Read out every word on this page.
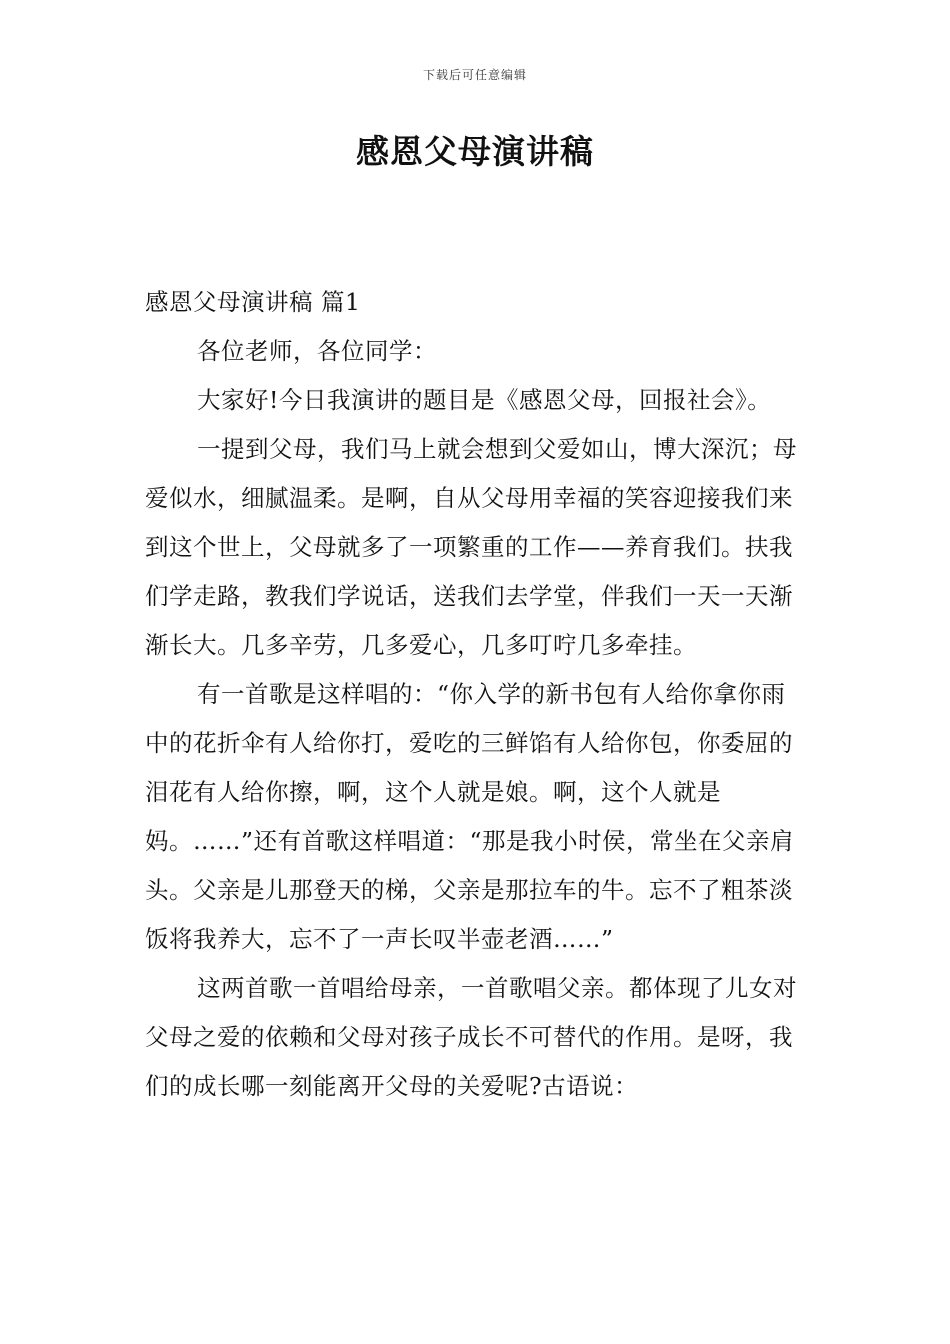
下载后可任意编辑
感恩父母演讲稿

感恩父母演讲稿 篇1

各位老师，各位同学：

大家好!今日我演讲的题目是《感恩父母，回报社会》。

一提到父母，我们马上就会想到父爱如山，博大深沉；母爱似水，细腻温柔。是啊，自从父母用幸福的笑容迎接我们来到这个世上，父母就多了一项繁重的工作——养育我们。扶我们学走路，教我们学说话，送我们去学堂，伴我们一天一天渐渐长大。几多辛劳，几多爱心，几多叮咛几多牵挂。

有一首歌是这样唱的：“你入学的新书包有人给你拿你雨中的花折伞有人给你打，爱吃的三鲜馅有人给你包，你委屈的泪花有人给你擦，啊，这个人就是娘。啊，这个人就是妈。……”还有首歌这样唱道：“那是我小时侯，常坐在父亲肩头。父亲是儿那登天的梯，父亲是那拉车的牛。忘不了粗茶淡饭将我养大，忘不了一声长叹半壶老酒……”

这两首歌一首唱给母亲，一首歌唱父亲。都体现了儿女对父母之爱的依赖和父母对孩子成长不可替代的作用。是呀，我们的成长哪一刻能离开父母的关爱呢?古语说：
